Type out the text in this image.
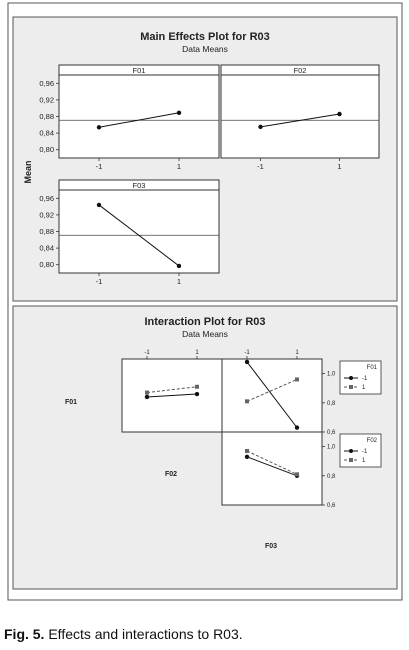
Main Effects Plot for R03
Data Means
Mean
F01
-1	1
0,80
0,84
0,88
0,92
0,96
F02
-1	1
F03
-1	1
0,80
0,84
0,88
0,92
0,96
Interaction Plot for R03
Data Means
F01
F02
F03
-1	1	-1	1
0,6
0,8
1,0
0,6
0,8
1,0
F01
-1
1
F02
-1
1
Fig. 5. Effects and interactions to R03.
